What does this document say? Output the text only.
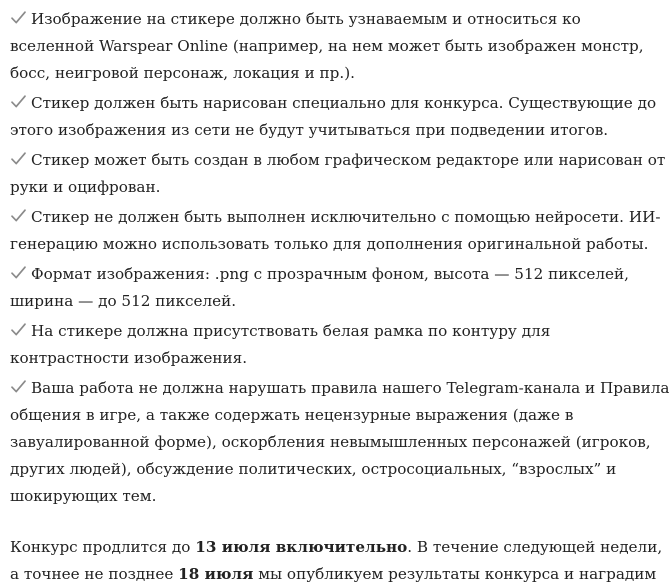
Изображение на стикере должно быть узнаваемым и относиться ко
вселенной Warspear Online (например, на нем может быть изображен монстр,
босс, неигровой персонаж, локация и пр.).
Стикер должен быть нарисован специально для конкурса. Существующие до
этого изображения из сети не будут учитываться при подведении итогов.
Стикер может быть создан в любом графическом редакторе или нарисован от
руки и оцифрован.
Стикер не должен быть выполнен исключительно с помощью нейросети. ИИ-
генерацию можно использовать только для дополнения оригинальной работы.
Формат изображения: .png с прозрачным фоном, высота — 512 пикселей,
ширина — до 512 пикселей.
На стикере должна присутствовать белая рамка по контуру для
контрастности изображения.
Ваша работа не должна нарушать правила нашего Telegram-канала и Правила
общения в игре, а также содержать нецензурные выражения (даже в
завуалированной форме), оскорбления невымышленных персонажей (игроков,
других людей), обсуждение политических, остросоциальных, “взрослых” и
шокирующих тем.
Конкурс продлится до 13 июля включительно. В течение следующей недели,
а точнее не позднее 18 июля мы опубликуем результаты конкурса и наградим
